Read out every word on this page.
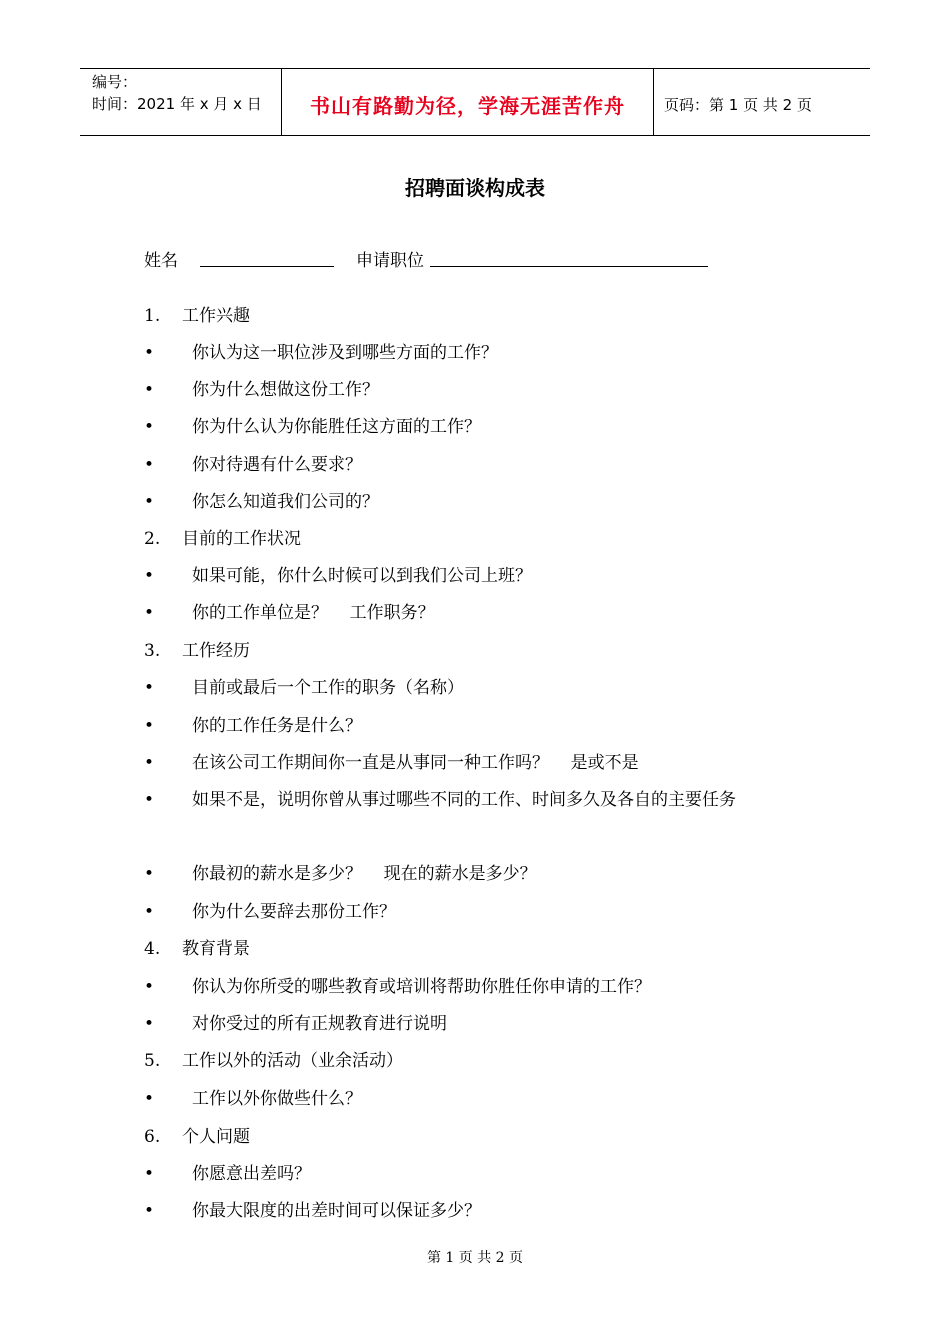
编号：
时间：2021 年 x 月 x 日	书山有路勤为径，学海无涯苦作舟	页码：第 1 页 共 2 页
招聘面谈构成表
姓名	申请职位
1. 工作兴趣
• 你认为这一职位涉及到哪些方面的工作？
• 你为什么想做这份工作？
• 你为什么认为你能胜任这方面的工作？
• 你对待遇有什么要求？
• 你怎么知道我们公司的？
2. 目前的工作状况
• 如果可能，你什么时候可以到我们公司上班？
• 你的工作单位是？    工作职务？
3. 工作经历
• 目前或最后一个工作的职务（名称）
• 你的工作任务是什么？
• 在该公司工作期间你一直是从事同一种工作吗？    是或不是
• 如果不是，说明你曾从事过哪些不同的工作、时间多久及各自的主要任务
• 你最初的薪水是多少？    现在的薪水是多少？
• 你为什么要辞去那份工作？
4. 教育背景
• 你认为你所受的哪些教育或培训将帮助你胜任你申请的工作？
• 对你受过的所有正规教育进行说明
5. 工作以外的活动（业余活动）
• 工作以外你做些什么？
6. 个人问题
• 你愿意出差吗？
• 你最大限度的出差时间可以保证多少？
第 1 页 共 2 页
